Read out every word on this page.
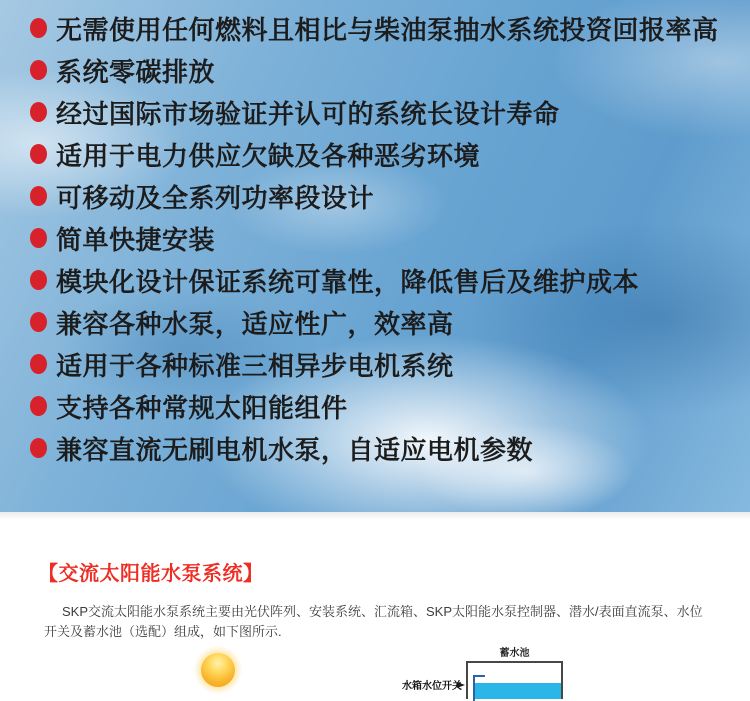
无需使用任何燃料且相比与柴油泵抽水系统投资回报率高
系统零碳排放
经过国际市场验证并认可的系统长设计寿命
适用于电力供应欠缺及各种恶劣环境
可移动及全系列功率段设计
简单快捷安装
模块化设计保证系统可靠性，降低售后及维护成本
兼容各种水泵，适应性广，效率高
适用于各种标准三相异步电机系统
支持各种常规太阳能组件
兼容直流无刷电机水泵，自适应电机参数
【交流太阳能水泵系统】

SKP交流太阳能水泵系统主要由光伏阵列、安装系统、汇流箱、SKP太阳能水泵控制器、潜水/表面直流泵、水位开关及蓄水池（选配）组成，如下图所示.

蓄水池
水箱水位开关
